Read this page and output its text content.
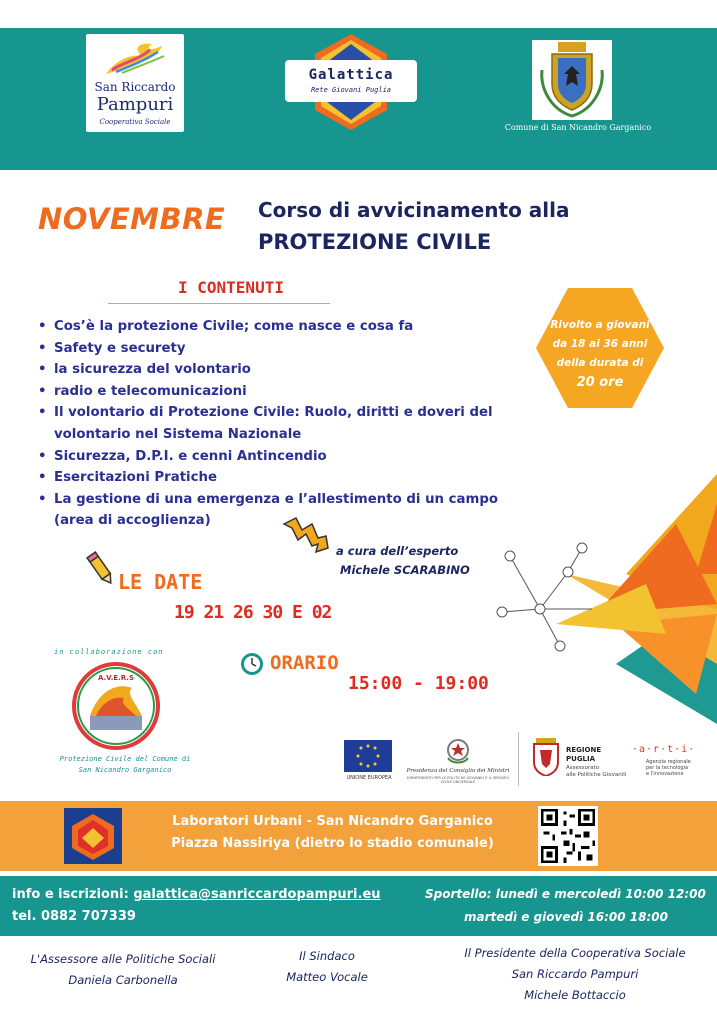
San Riccardo
Pampuri
Cooperativa Sociale
Galattica
Rete Giovani Puglia
Comune di San Nicandro Garganico
NOVEMBRE Corso di avvicinamento alla
PROTEZIONE CIVILE
I CONTENUTI
• Cos’è la protezione Civile; come nasce e cosa fa
• Safety e securety
• la sicurezza del volontario
• radio e telecomunicazioni
• Il volontario di Protezione Civile: Ruolo, diritti e doveri del volontario nel Sistema Nazionale
• Sicurezza, D.P.I. e cenni Antincendio
• Esercitazioni Pratiche
• La gestione di una emergenza e l’allestimento di un campo (area di accoglienza)
Rivolto a giovani
da 18 ai 36 anni
della durata di
20 ore
a cura dell’esperto
Michele SCARABINO
LE DATE
19 21 26 30 E 02
in collaborazione con
A.V.E.R.S
Protezione Civile del Comune di
San Nicandro Garganico
ORARIO
15:00 - 19:00
UNIONE EUROPEA
Presidenza del Consiglio dei Ministri
DIPARTIMENTO PER LE POLITICHE GIOVANILI E IL SERVIZIO CIVILE UNIVERSALE
REGIONE
PUGLIA
Assessorato
alle Politiche Giovanili
·a·r·t·i·
Agenzia regionale
per la tecnologia
e l'innovazione
Laboratori Urbani - San Nicandro Garganico
Piazza Nassiriya (dietro lo stadio comunale)
info e iscrizioni: galattica@sanriccardopampuri.eu
tel. 0882 707339
Sportello: lunedì e mercoledì 10:00 12:00
martedì e giovedì 16:00 18:00
L'Assessore alle Politiche Sociali
Daniela Carbonella
Il Sindaco
Matteo Vocale
Il Presidente della Cooperativa Sociale
San Riccardo Pampuri
Michele Bottaccio
